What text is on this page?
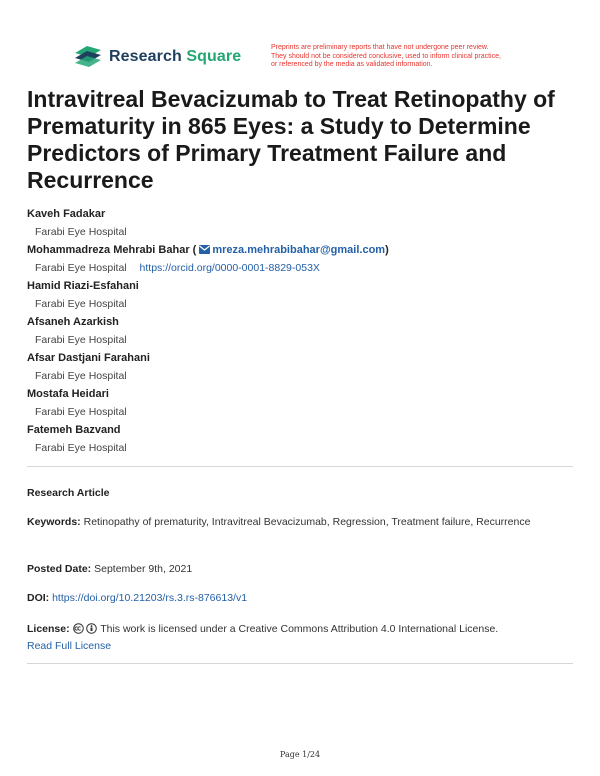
Research Square
Preprints are preliminary reports that have not undergone peer review.
They should not be considered conclusive, used to inform clinical practice,
or referenced by the media as validated information.
Intravitreal Bevacizumab to Treat Retinopathy of Prematurity in 865 Eyes: a Study to Determine Predictors of Primary Treatment Failure and Recurrence
Kaveh Fadakar
Farabi Eye Hospital
Mohammadreza Mehrabi Bahar ( mreza.mehrabibahar@gmail.com)
Farabi Eye Hospital https://orcid.org/0000-0001-8829-053X
Hamid Riazi-Esfahani
Farabi Eye Hospital
Afsaneh Azarkish
Farabi Eye Hospital
Afsar Dastjani Farahani
Farabi Eye Hospital
Mostafa Heidari
Farabi Eye Hospital
Fatemeh Bazvand
Farabi Eye Hospital
Research Article
Keywords: Retinopathy of prematurity, Intravitreal Bevacizumab, Regression, Treatment failure, Recurrence
Posted Date: September 9th, 2021
DOI: https://doi.org/10.21203/rs.3.rs-876613/v1
License:	This work is licensed under a Creative Commons Attribution 4.0 International License.
Read Full License
Page 1/24
